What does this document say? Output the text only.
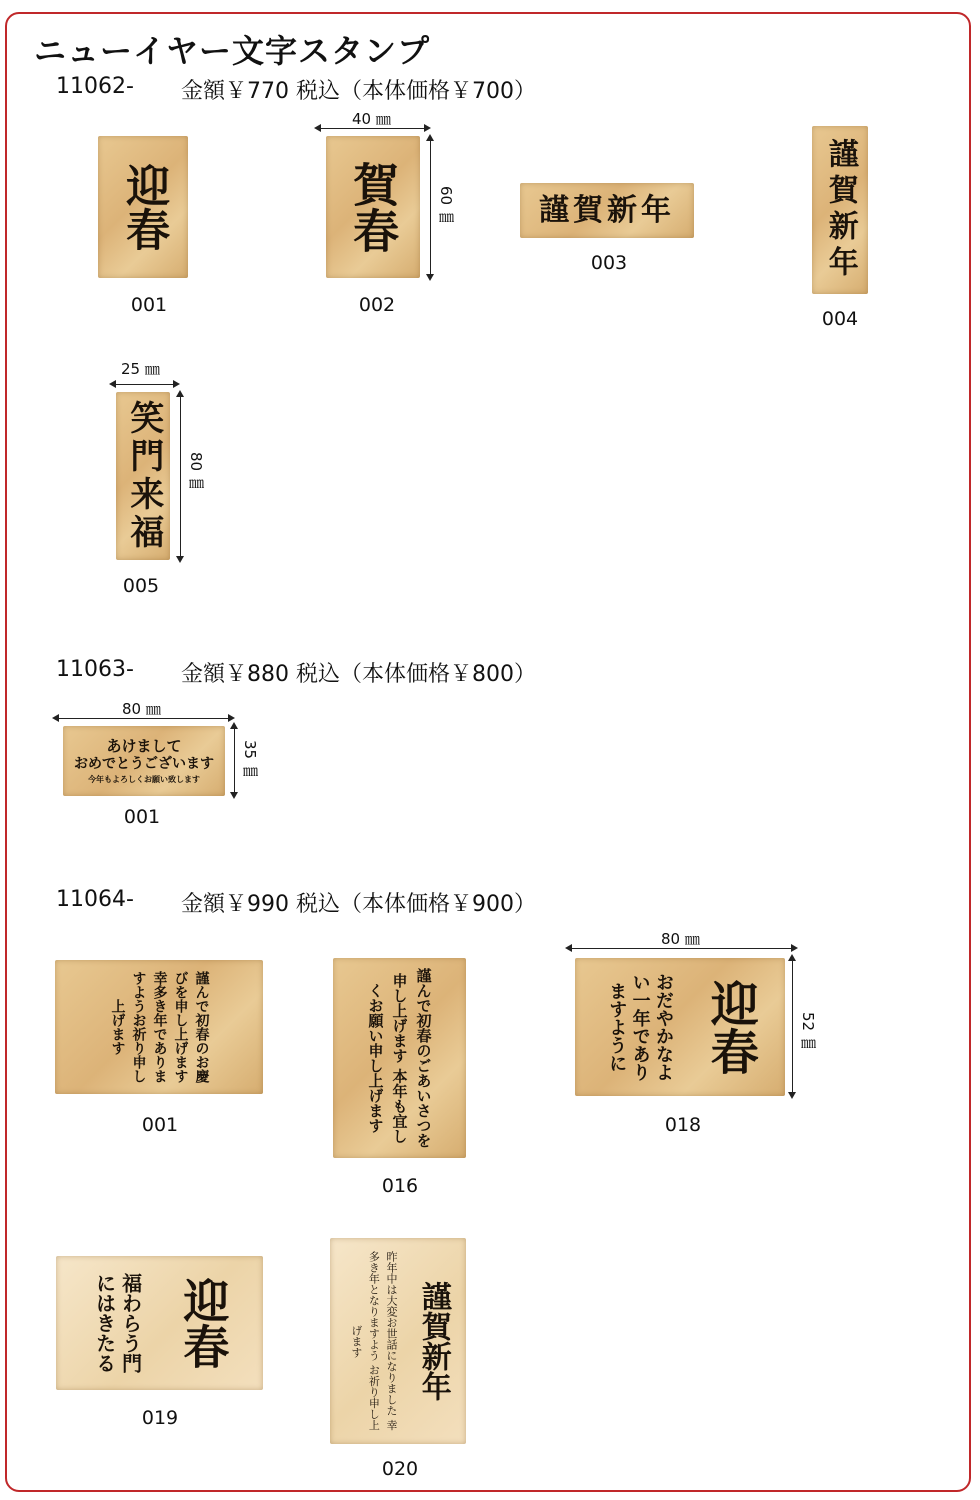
ニューイヤー文字スタンプ
11062- 金額￥770 税込（本体価格￥700）
迎春
001
40 ㎜
賀春 60 ㎜
002
謹賀新年
003	謹賀新年
004
25 ㎜
笑門来福 80 ㎜
005
11063- 金額￥880 税込（本体価格￥800）
80 ㎜
あけまして
おめでとうございます
今年もよろしくお願い致します	35 ㎜
001
11064- 金額￥990 税込（本体価格￥900）
謹んで初春のお慶びを申し上げます 幸多き年でありますようお祈り申し上げます
001	謹んで初春のごあいさつを申し上げます 本年も宜しくお願い申し上げます
016
80 ㎜
おだやかなよい一年でありますように	迎春	52 ㎜
018
福わらう門にはきたる	迎春
019	昨年中は大変お世話になりました 幸多き年となりますよう お祈り申し上げます	謹賀新年
020
